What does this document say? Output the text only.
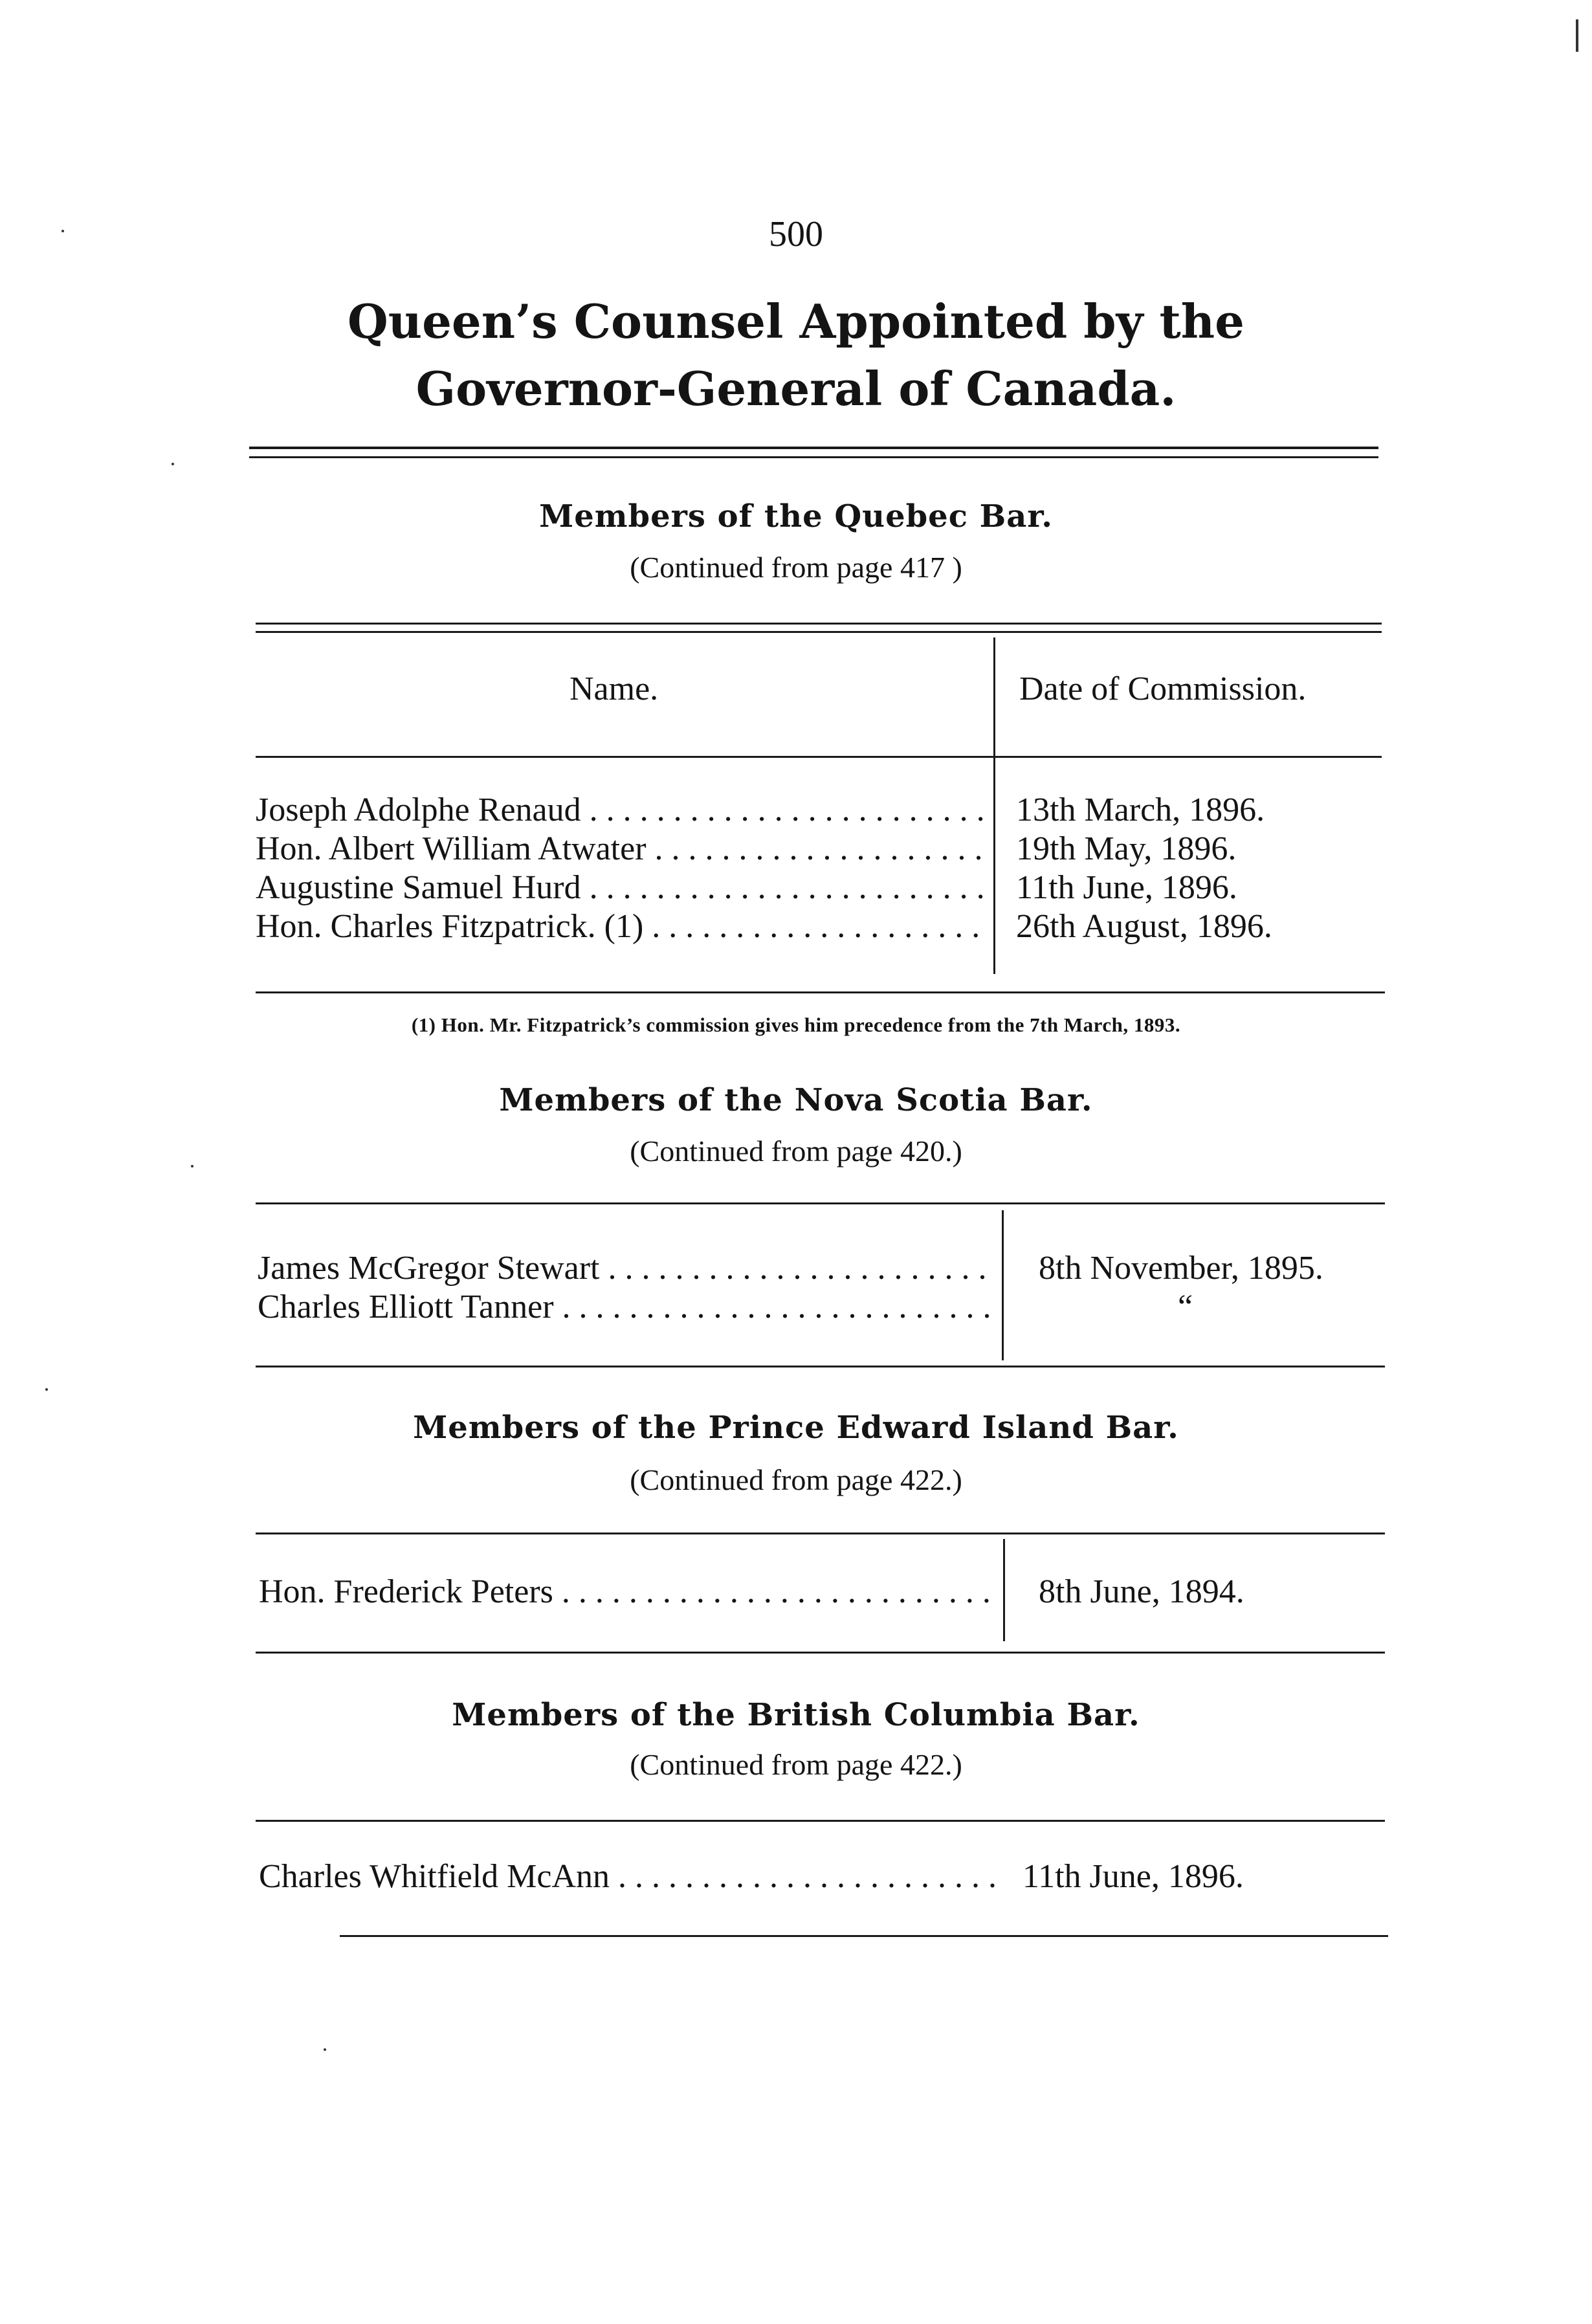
500
Queen’s Counsel Appointed by the
Governor-General of Canada.
Members of the Quebec Bar.
(Continued from page 417 )
Name.	Date of Commission.
Joseph Adolphe Renaud . . .	13th March, 1896.
Hon. Albert William Atwater . . .	19th May, 1896.
Augustine Samuel Hurd . . .	11th June, 1896.
Hon. Charles Fitzpatrick. (1) . . .	26th August, 1896.
(1) Hon. Mr. Fitzpatrick’s commission gives him precedence from the 7th March, 1893.
Members of the Nova Scotia Bar.
(Continued from page 420.)
James McGregor Stewart . . .	8th November, 1895.
Charles Elliott Tanner . . .	“
Members of the Prince Edward Island Bar.
(Continued from page 422.)
Hon. Frederick Peters . . .	8th June, 1894.
Members of the British Columbia Bar.
(Continued from page 422.)
Charles Whitfield McAnn . . .	11th June, 1896.
